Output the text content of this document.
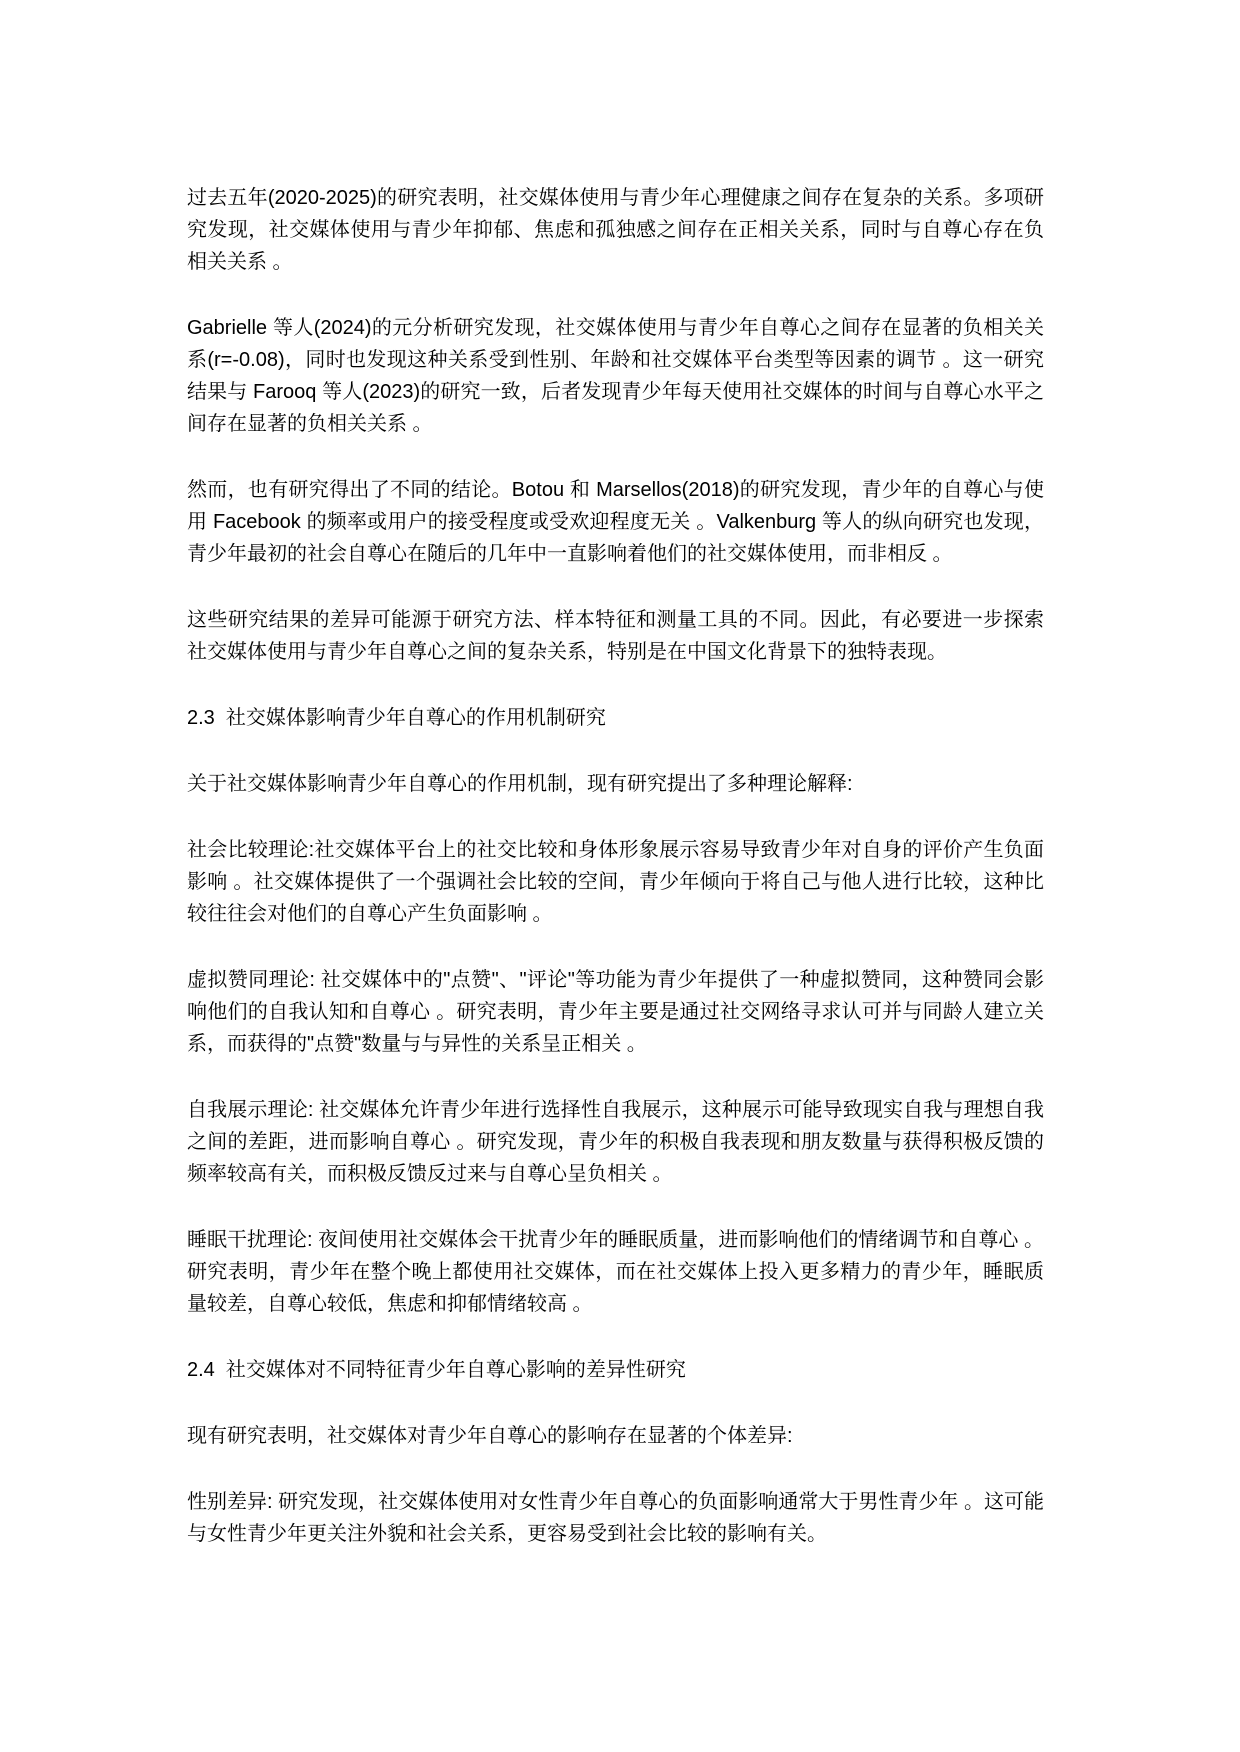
过去五年(2020-2025)的研究表明，社交媒体使用与青少年心理健康之间存在复杂的关系。多项研究发现，社交媒体使用与青少年抑郁、焦虑和孤独感之间存在正相关关系，同时与自尊心存在负相关关系 。

Gabrielle 等人(2024)的元分析研究发现，社交媒体使用与青少年自尊心之间存在显著的负相关关系(r=-0.08)，同时也发现这种关系受到性别、年龄和社交媒体平台类型等因素的调节 。这一研究结果与 Farooq 等人(2023)的研究一致，后者发现青少年每天使用社交媒体的时间与自尊心水平之间存在显著的负相关关系 。

然而，也有研究得出了不同的结论。Botou 和 Marsellos(2018)的研究发现，青少年的自尊心与使用 Facebook 的频率或用户的接受程度或受欢迎程度无关 。Valkenburg 等人的纵向研究也发现，青少年最初的社会自尊心在随后的几年中一直影响着他们的社交媒体使用，而非相反 。

这些研究结果的差异可能源于研究方法、样本特征和测量工具的不同。因此，有必要进一步探索社交媒体使用与青少年自尊心之间的复杂关系，特别是在中国文化背景下的独特表现。

2.3  社交媒体影响青少年自尊心的作用机制研究

关于社交媒体影响青少年自尊心的作用机制，现有研究提出了多种理论解释:

社会比较理论:社交媒体平台上的社交比较和身体形象展示容易导致青少年对自身的评价产生负面影响 。社交媒体提供了一个强调社会比较的空间，青少年倾向于将自己与他人进行比较，这种比较往往会对他们的自尊心产生负面影响 。

虚拟赞同理论: 社交媒体中的"点赞"、"评论"等功能为青少年提供了一种虚拟赞同，这种赞同会影响他们的自我认知和自尊心 。研究表明，青少年主要是通过社交网络寻求认可并与同龄人建立关系，而获得的"点赞"数量与与异性的关系呈正相关 。

自我展示理论: 社交媒体允许青少年进行选择性自我展示，这种展示可能导致现实自我与理想自我之间的差距，进而影响自尊心 。研究发现，青少年的积极自我表现和朋友数量与获得积极反馈的频率较高有关，而积极反馈反过来与自尊心呈负相关 。

睡眠干扰理论: 夜间使用社交媒体会干扰青少年的睡眠质量，进而影响他们的情绪调节和自尊心 。研究表明，青少年在整个晚上都使用社交媒体，而在社交媒体上投入更多精力的青少年，睡眠质量较差，自尊心较低，焦虑和抑郁情绪较高 。

2.4  社交媒体对不同特征青少年自尊心影响的差异性研究

现有研究表明，社交媒体对青少年自尊心的影响存在显著的个体差异:

性别差异: 研究发现，社交媒体使用对女性青少年自尊心的负面影响通常大于男性青少年 。这可能与女性青少年更关注外貌和社会关系，更容易受到社会比较的影响有关。
